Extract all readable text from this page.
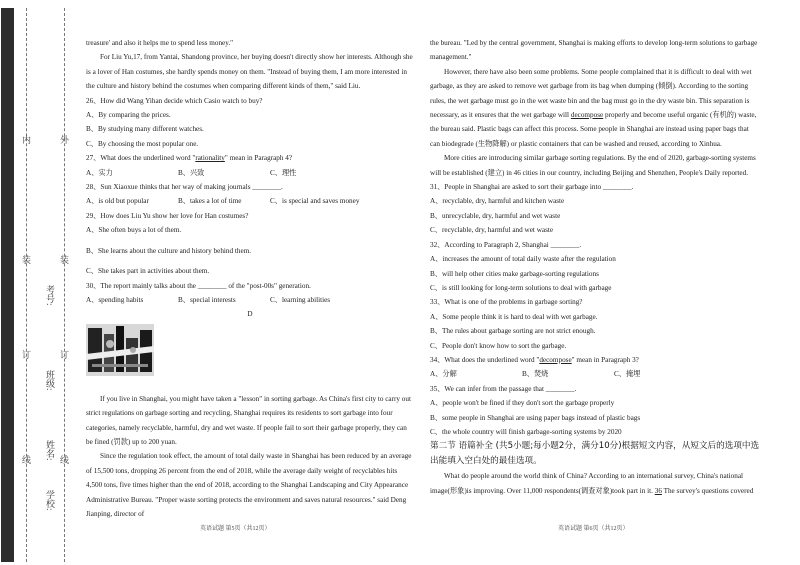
内
装
订
线
外
装
订
线
学校:
姓名:
班级:
考号:

treasure' and also it helps me to spend less money."

For Liu Yu,17, from Yantai, Shandong province, her buying doesn't directly show her interests. Although she is a lover of Han costumes, she hardly spends money on them. "Instead of buying them, I am more interested in the culture and history behind the costumes when comparing different kinds of them," said Liu.

26、How did Wang Yihan decide which Casio watch to buy?

A、By comparing the prices.

B、By studying many different watches.

C、By choosing the most popular one.

27、What does the underlined word "rationality" mean in Paragraph 4?

A、实力	B、兴致	C、理性

28、Sun Xiaoxue thinks that her way of making journals ________.

A、is old but popular	B、takes a lot of time	C、is special and saves money

29、How does Liu Yu show her love for Han costumes?

A、She often buys a lot of them.

B、She learns about the culture and history behind them.

C、She takes part in activities about them.

30、The report mainly talks about the ________ of the "post-00s" generation.

A、spending habits	B、special interests	C、learning abilities

D

If you live in Shanghai, you might have taken a "lesson" in sorting garbage. As China's first city to carry out strict regulations on garbage sorting and recycling, Shanghai requires its residents to sort garbage into four categories, namely recyclable, harmful, dry and wet waste. If people fail to sort their garbage properly, they can be fined (罚款) up to 200 yuan.

Since the regulation took effect, the amount of total daily waste in Shanghai has been reduced by an average of 15,500 tons, dropping 26 percent from the end of 2018, while the average daily weight of recyclables hits 4,500 tons, five times higher than the end of 2018, according to the Shanghai Landscaping and City Appearance Administrative Bureau. "Proper waste sorting protects the environment and saves natural resources." said Deng Jianping, director of

the bureau. "Led by the central government, Shanghai is making efforts to develop long-term solutions to garbage management."

However, there have also been some problems. Some people complained that it is difficult to deal with wet garbage, as they are asked to remove wet garbage from its bag when dumping (倾倒). According to the sorting rules, the wet garbage must go in the wet waste bin and the bag must go in the dry waste bin. This separation is necessary, as it ensures that the wet garbage will decompose properly and become useful organic (有机的) waste, the bureau said. Plastic bags can affect this process. Some people in Shanghai are instead using paper bags that can biodegrade (生物降解) or plastic containers that can be washed and reused, according to Xinhua.

More cities are introducing similar garbage sorting regulations. By the end of 2020, garbage-sorting systems will be established (建立) in 46 cities in our country, including Beijing and Shenzhen, People's Daily reported.

31、People in Shanghai are asked to sort their garbage into ________.

A、recyclable, dry, harmful and kitchen waste

B、unrecyclable, dry, harmful and wet waste

C、recyclable, dry, harmful and wet waste

32、According to Paragraph 2, Shanghai ________.

A、increases the amount of total daily waste after the regulation

B、will help other cities make garbage-sorting regulations

C、is still looking for long-term solutions to deal with garbage

33、What is one of the problems in garbage sorting?

A、Some people think it is hard to deal with wet garbage.

B、The rules about garbage sorting are not strict enough.

C、People don't know how to sort the garbage.

34、What does the underlined word "decompose" mean in Paragraph 3?

A、分解	B、焚烧	C、掩埋

35、We can infer from the passage that ________.

A、people won't be fined if they don't sort the garbage properly

B、some people in Shanghai are using paper bags instead of plastic bags

C、the whole country will finish garbage-sorting systems by 2020

第二节 语篇补全 (共5小题;每小题2分，满分10分)根据短文内容，从短文后的选项中选出能填入空白处的最佳选项。

What do people around the world think of China? According to an international survey, China's national image(形象)is improving. Over 11,000 respondents(调查对象)took part in it. 36 The survey's questions covered

英语试题 第5页（共12页）	英语试题 第6页（共12页）
